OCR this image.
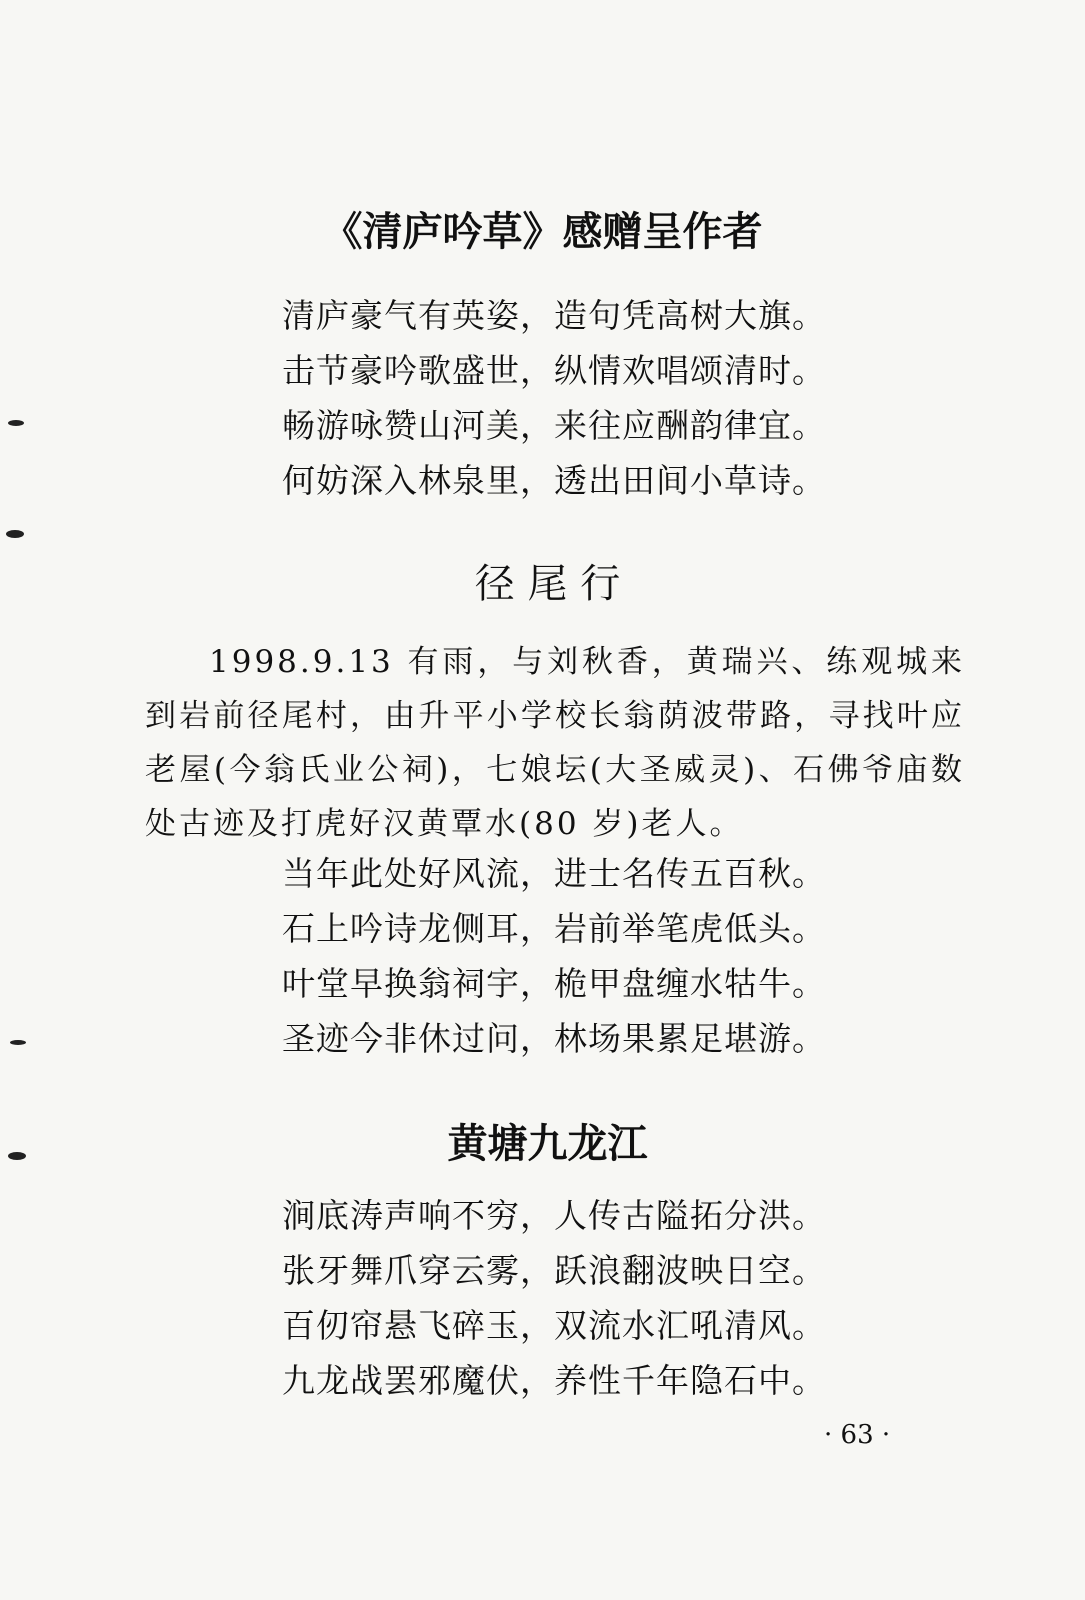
《清庐吟草》感赠呈作者
清庐豪气有英姿，造句凭高树大旗。
击节豪吟歌盛世，纵情欢唱颂清时。
畅游咏赞山河美，来往应酬韵律宜。
何妨深入林泉里，透出田间小草诗。
径 尾 行

1998.9.13 有雨，与刘秋香，黄瑞兴、练观城来到岩前径尾村，由升平小学校长翁荫波带路，寻找叶应老屋(今翁氏业公祠)，七娘坛(大圣威灵)、石佛爷庙数处古迹及打虎好汉黄覃水(80 岁)老人。

当年此处好风流，进士名传五百秋。
石上吟诗龙侧耳，岩前举笔虎低头。
叶堂早换翁祠宇，桅甲盘缠水牯牛。
圣迹今非休过问，林场果累足堪游。
黄塘九龙江
涧底涛声响不穷，人传古隘拓分洪。
张牙舞爪穿云雾，跃浪翻波映日空。
百仞帘悬飞碎玉，双流水汇吼清风。
九龙战罢邪魔伏，养性千年隐石中。
· 63 ·
